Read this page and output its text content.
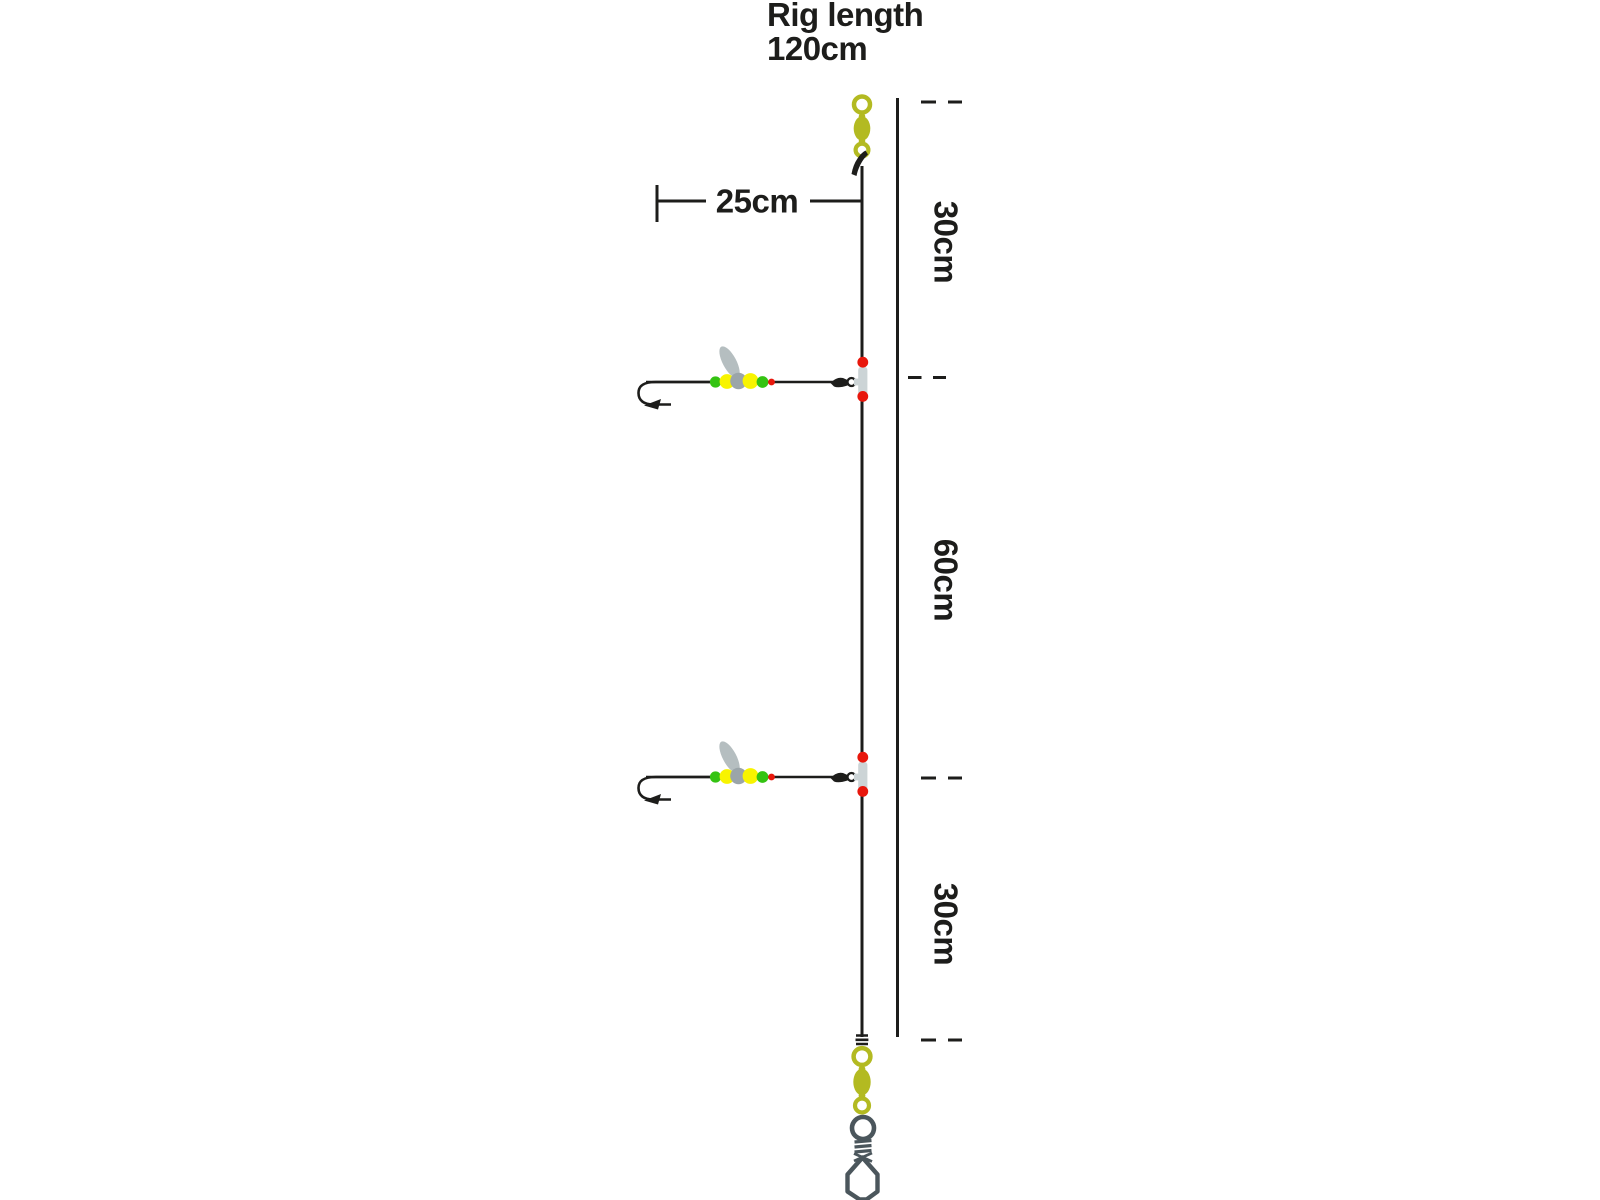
Rig length
120cm
25cm	30cm
60cm
30cm
